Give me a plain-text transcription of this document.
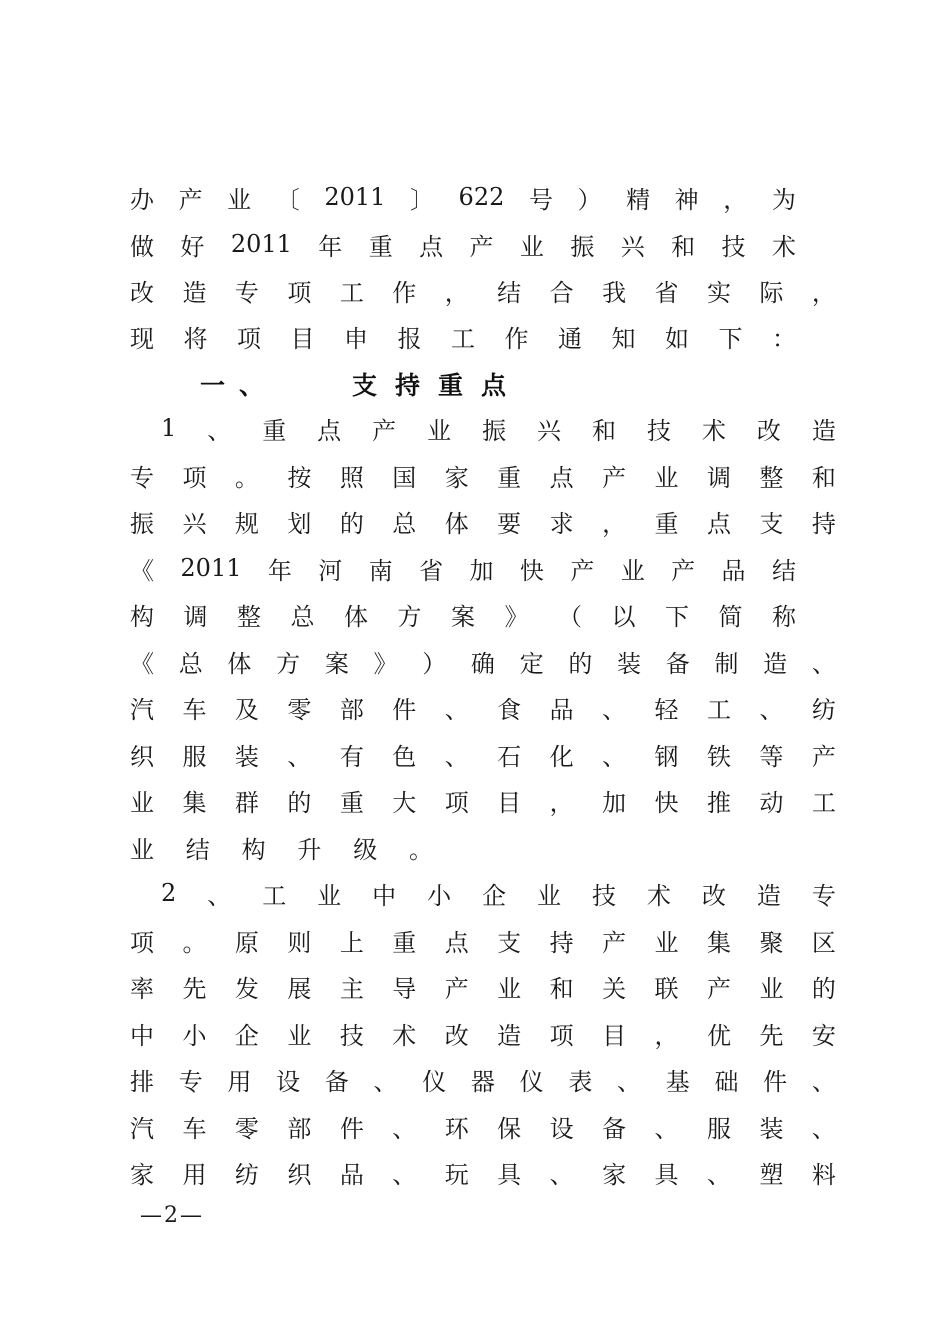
办 产 业 〔 2011 〕 622 号 ） 精 神 ， 为
做 好 2011 年 重 点 产 业 振 兴 和 技 术
改 造 专 项 工 作 ， 结 合 我 省 实 际 ，
现 将 项 目 申 报 工 作 通 知 如 下 ：
一、	支持重点
1 、 重 点 产 业 振 兴 和 技 术 改 造
专 项 。 按 照 国 家 重 点 产 业 调 整 和
振 兴 规 划 的 总 体 要 求 ， 重 点 支 持
《 2011 年 河 南 省 加 快 产 业 产 品 结
构 调 整 总 体 方 案 》 （ 以 下 简 称
《 总 体 方 案 》 ） 确 定 的 装 备 制 造 、
汽 车 及 零 部 件 、 食 品 、 轻 工 、 纺
织 服 装 、 有 色 、 石 化 、 钢 铁 等 产
业 集 群 的 重 大 项 目 ， 加 快 推 动 工
业 结 构 升 级 。
2 、 工 业 中 小 企 业 技 术 改 造 专
项 。 原 则 上 重 点 支 持 产 业 集 聚 区
率 先 发 展 主 导 产 业 和 关 联 产 业 的
中 小 企 业 技 术 改 造 项 目 ， 优 先 安
排 专 用 设 备 、 仪 器 仪 表 、 基 础 件 、
汽 车 零 部 件 、 环 保 设 备 、 服 装 、
家 用 纺 织 品 、 玩 具 、 家 具 、 塑 料
—2—
